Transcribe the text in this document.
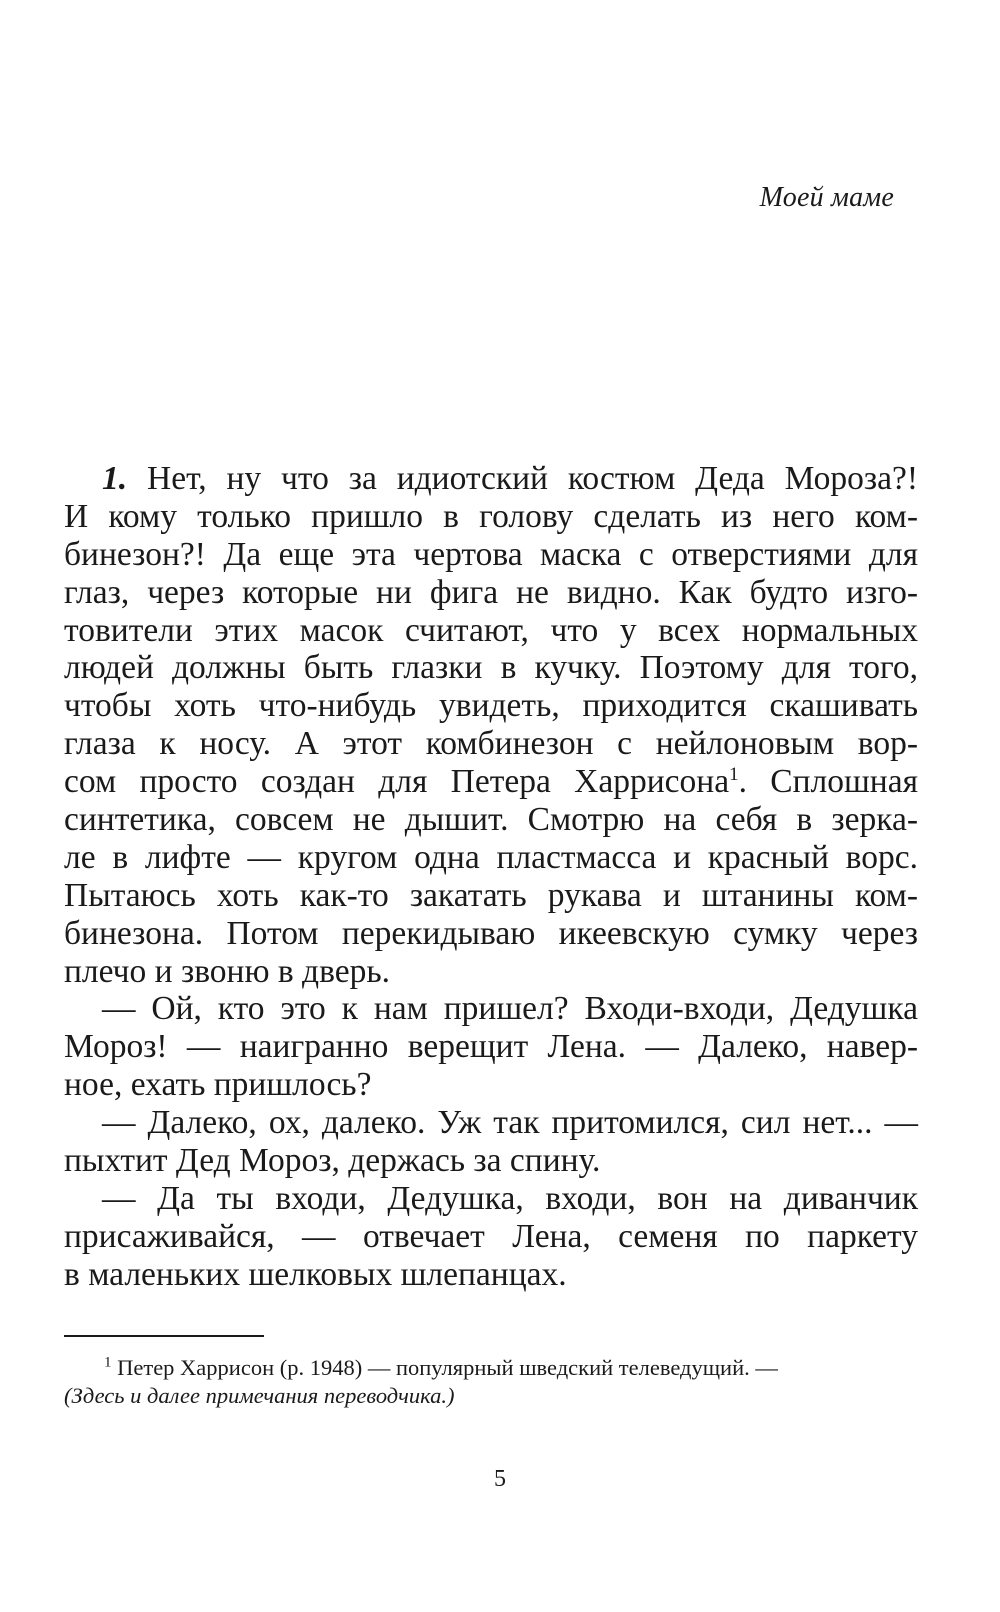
Моей маме
1. Нет, ну что за идиотский костюм Деда Мороза?!
И кому только пришло в голову сделать из него ком-
бинезон?! Да еще эта чертова маска с отверстиями для
глаз, через которые ни фига не видно. Как будто изго-
товители этих масок считают, что у всех нормальных
людей должны быть глазки в кучку. Поэтому для того,
чтобы хоть что-нибудь увидеть, приходится скашивать
глаза к носу. А этот комбинезон с нейлоновым вор-
сом просто создан для Петера Харрисона$^1$. Сплошная
синтетика, совсем не дышит. Смотрю на себя в зерка-
ле в лифте — кругом одна пластмасса и красный ворс.
Пытаюсь хоть как-то закатать рукава и штанины ком-
бинезона. Потом перекидываю икеевскую сумку через
плечо и звоню в дверь.
— Ой, кто это к нам пришел? Входи-входи, Дедушка
Мороз! — наигранно верещит Лена. — Далеко, навер-
ное, ехать пришлось?
— Далеко, ох, далеко. Уж так притомился, сил нет... —
пыхтит Дед Мороз, держась за спину.
— Да ты входи, Дедушка, входи, вон на диванчик
присаживайся, — отвечает Лена, семеня по паркету
в маленьких шелковых шлепанцах.
$^1$ Петер Харрисон (р. 1948) — популярный шведский телеведущий. —
(Здесь и далее примечания переводчика.)
5
